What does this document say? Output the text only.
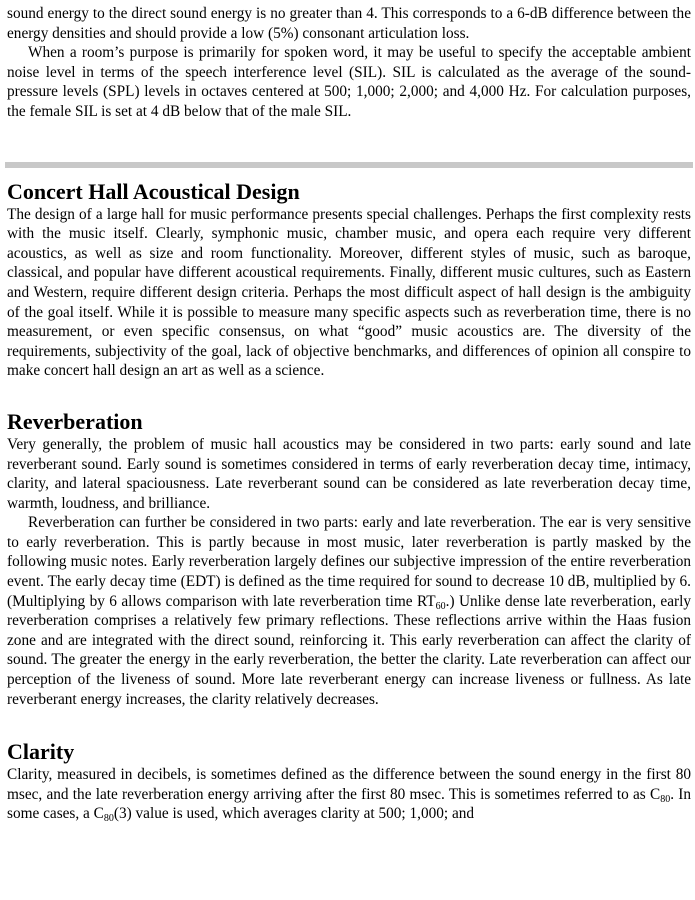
sound energy to the direct sound energy is no greater than 4. This corresponds to a 6-dB difference between the energy densities and should provide a low (5%) consonant articulation loss.

When a room’s purpose is primarily for spoken word, it may be useful to specify the acceptable ambient noise level in terms of the speech interference level (SIL). SIL is calculated as the average of the sound-pressure levels (SPL) levels in octaves centered at 500; 1,000; 2,000; and 4,000 Hz. For calculation purposes, the female SIL is set at 4 dB below that of the male SIL.

Concert Hall Acoustical Design

The design of a large hall for music performance presents special challenges. Perhaps the first complexity rests with the music itself. Clearly, symphonic music, chamber music, and opera each require very different acoustics, as well as size and room functionality. Moreover, different styles of music, such as baroque, classical, and popular have different acoustical requirements. Finally, different music cultures, such as Eastern and Western, require different design criteria. Perhaps the most difficult aspect of hall design is the ambiguity of the goal itself. While it is possible to measure many specific aspects such as reverberation time, there is no measurement, or even specific consensus, on what “good” music acoustics are. The diversity of the requirements, subjectivity of the goal, lack of objective benchmarks, and differences of opinion all conspire to make concert hall design an art as well as a science.

Reverberation

Very generally, the problem of music hall acoustics may be considered in two parts: early sound and late reverberant sound. Early sound is sometimes considered in terms of early reverberation decay time, intimacy, clarity, and lateral spaciousness. Late reverberant sound can be considered as late reverberation decay time, warmth, loudness, and brilliance.

Reverberation can further be considered in two parts: early and late reverberation. The ear is very sensitive to early reverberation. This is partly because in most music, later reverberation is partly masked by the following music notes. Early reverberation largely defines our subjective impression of the entire reverberation event. The early decay time (EDT) is defined as the time required for sound to decrease 10 dB, multiplied by 6. (Multiplying by 6 allows comparison with late reverberation time $RT_{60}$.) Unlike dense late reverberation, early reverberation comprises a relatively few primary reflections. These reflections arrive within the Haas fusion zone and are integrated with the direct sound, reinforcing it. This early reverberation can affect the clarity of sound. The greater the energy in the early reverberation, the better the clarity. Late reverberation can affect our perception of the liveness of sound. More late reverberant energy can increase liveness or fullness. As late reverberant energy increases, the clarity relatively decreases.

Clarity

Clarity, measured in decibels, is sometimes defined as the difference between the sound energy in the first 80 msec, and the late reverberation energy arriving after the first 80 msec. This is sometimes referred to as $C_{80}$. In some cases, a $C_{80}(3)$ value is used, which averages clarity at 500; 1,000; and
